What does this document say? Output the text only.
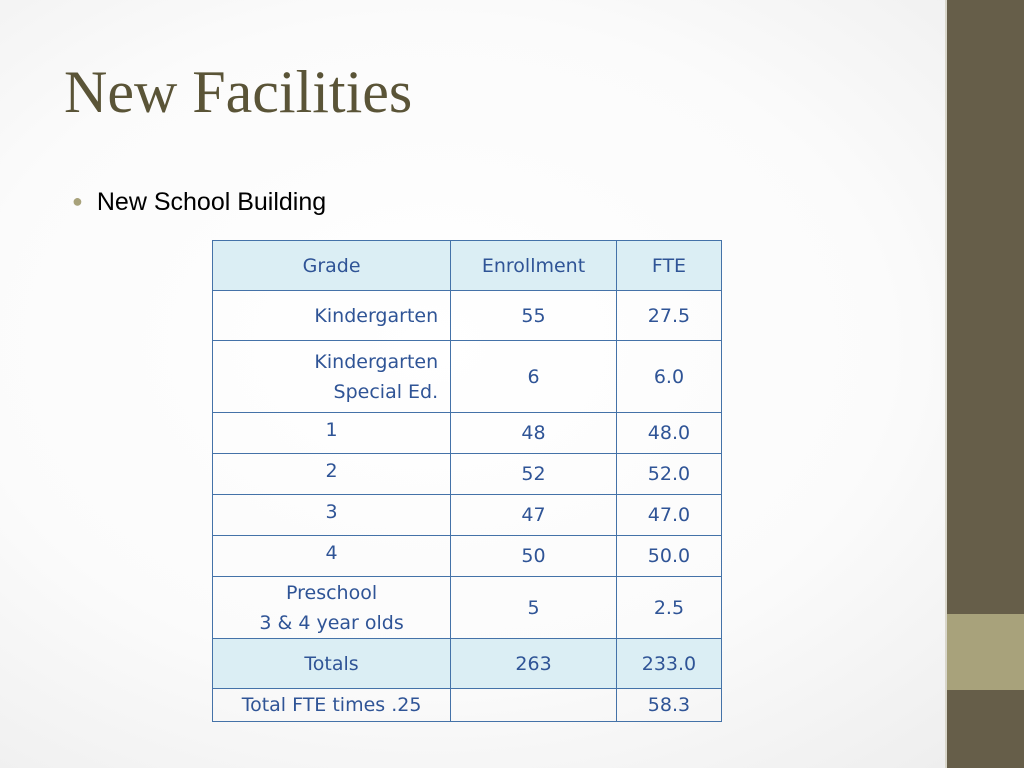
New Facilities
● New School Building
Grade	Enrollment	FTE
Kindergarten	55	27.5

Kindergarten
Special Ed.	6	6.0
1	48	48.0
2	52	52.0
3	47	47.0
4	50	50.0

Preschool
3 & 4 year olds	5	2.5
Totals	263	233.0
Total FTE times .25		58.3
